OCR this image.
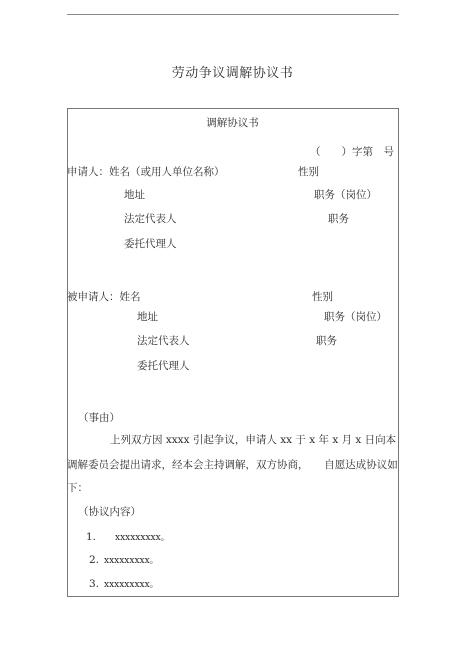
劳动争议调解协议书
调解协议书
（　　）字第　号
申请人：姓名（或用人单位名称）	性别
地址	职务（岗位）
法定代表人	职务
委托代理人
被申请人：姓名	性别
地址	职务（岗位）
法定代表人	职务
委托代理人
（事由）
上列双方因 xxxx 引起争议，申请人 xx 于 x 年 x 月 x 日向本
调解委员会提出请求，经本会主持调解，双方协商，　　自愿达成协议如
下：
（协议内容）
1. xxxxxxxxx。
2. xxxxxxxxx。
3. xxxxxxxxx。
